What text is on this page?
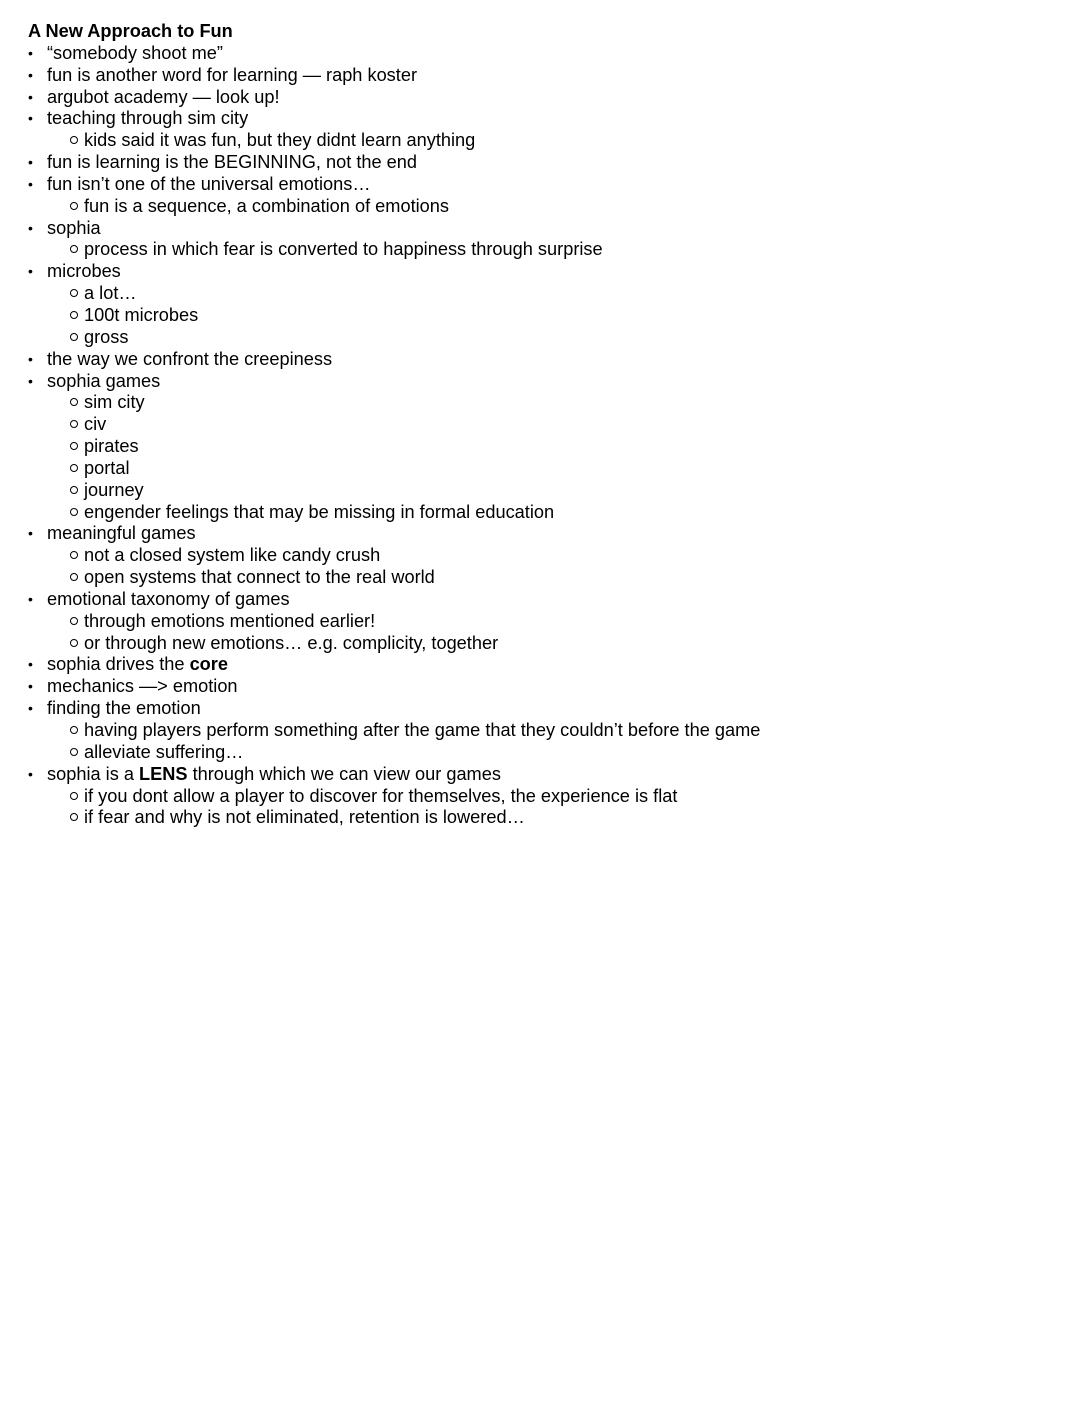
A New Approach to Fun
• “somebody shoot me”
• fun is another word for learning — raph koster
• argubot academy — look up!
• teaching through sim city
kids said it was fun, but they didnt learn anything
• fun is learning is the BEGINNING, not the end
• fun isn’t one of the universal emotions…
fun is a sequence, a combination of emotions
• sophia
process in which fear is converted to happiness through surprise
• microbes
a lot…
100t microbes
gross
• the way we confront the creepiness
• sophia games
sim city
civ
pirates
portal
journey
engender feelings that may be missing in formal education
• meaningful games
not a closed system like candy crush
open systems that connect to the real world
• emotional taxonomy of games
through emotions mentioned earlier!
or through new emotions… e.g. complicity, together
• sophia drives the core
• mechanics —> emotion
• finding the emotion
having players perform something after the game that they couldn’t before the game
alleviate suffering…
• sophia is a LENS through which we can view our games
if you dont allow a player to discover for themselves, the experience is flat
if fear and why is not eliminated, retention is lowered…
